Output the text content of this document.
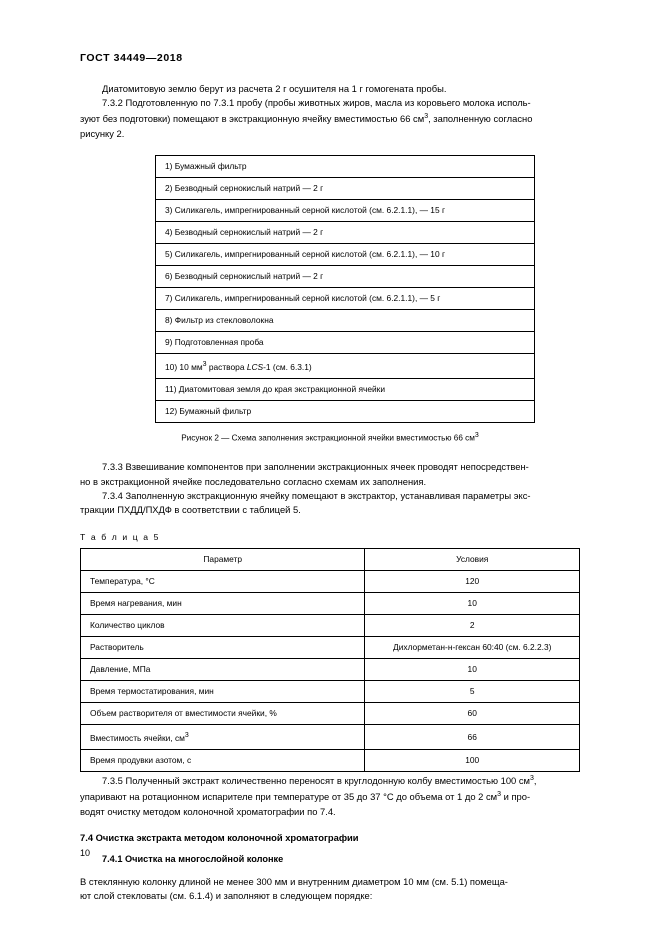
ГОСТ 34449—2018

Диатомитовую землю берут из расчета 2 г осушителя на 1 г гомогената пробы.

7.3.2 Подготовленную по 7.3.1 пробу (пробы животных жиров, масла из коровьего молока исполь-
зуют без подготовки) помещают в экстракционную ячейку вместимостью 66 $см^3$, заполненную согласно
рисунку 2.

1) Бумажный фильтр
2) Безводный сернокислый натрий — 2 г
3) Силикагель, импрегнированный серной кислотой (см. 6.2.1.1), — 15 г
4) Безводный сернокислый натрий — 2 г
5) Силикагель, импрегнированный серной кислотой (см. 6.2.1.1), — 10 г
6) Безводный сернокислый натрий — 2 г
7) Силикагель, импрегнированный серной кислотой (см. 6.2.1.1), — 5 г
8) Фильтр из стекловолокна
9) Подготовленная проба
10) 10 $мм^3$ раствора LCS-1 (см. 6.3.1)
11) Диатомитовая земля до края экстракционной ячейки
12) Бумажный фильтр
Рисунок 2 — Схема заполнения экстракционной ячейки вместимостью 66 см3

7.3.3 Взвешивание компонентов при заполнении экстракционных ячеек проводят непосредствен-
но в экстракционной ячейке последовательно согласно схемам их заполнения.

7.3.4 Заполненную экстракционную ячейку помещают в экстрактор, устанавливая параметры экс-
тракции ПХДД/ПХДФ в соответствии с таблицей 5.

Т а б л и ц а 5
Параметр	Условия
Температура, °С	120
Время нагревания, мин	10
Количество циклов	2
Растворитель	Дихлорметан-н-гексан 60:40 (см. 6.2.2.3)
Давление, МПа	10
Время термостатирования, мин	5
Объем растворителя от вместимости ячейки, %	60
Вместимость ячейки, $см^3$	66
Время продувки азотом, с	100

7.3.5 Полученный экстракт количественно переносят в круглодонную колбу вместимостью 100 $см^3$,
упаривают на ротационном испарителе при температуре от 35 до 37 °С до объема от 1 до 2 $см^3$ и про-
водят очистку методом колоночной хроматографии по 7.4.

7.4 Очистка экстракта методом колоночной хроматографии
7.4.1 Очистка на многослойной колонке

В стеклянную колонку длиной не менее 300 мм и внутренним диаметром 10 мм (см. 5.1) помеща-
ют слой стекловаты (см. 6.1.4) и заполняют в следующем порядке:

10
